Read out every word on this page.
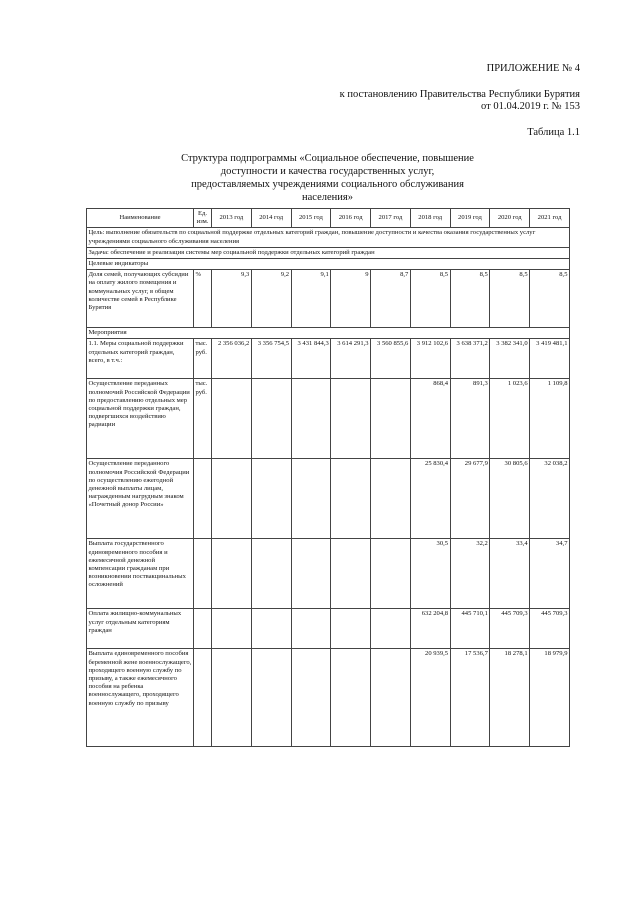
ПРИЛОЖЕНИЕ № 4
к постановлению Правительства Республики Бурятия
от 01.04.2019 г. № 153
Таблица 1.1
Структура подпрограммы «Социальное обеспечение, повышение
доступности и качества государственных услуг,
предоставляемых учреждениями социального обслуживания
населения»
Наименование	Ед. изм.	2013 год	2014 год	2015 год	2016 год	2017 год	2018 год	2019 год	2020 год	2021 год
Цель: выполнение обязательств по социальной поддержке отдельных категорий граждан, повышение доступности и качества оказания государственных услуг учреждениями социального обслуживания населения										
Задача: обеспечение и реализация системы мер социальной поддержки отдельных категорий граждан										
Целевые индикаторы										
Доля семей, получающих субсидии на оплату жилого помещения и коммунальных услуг, в общем количестве семей в Республике Бурятия	%	9,3	9,2	9,1	9	8,7	8,5	8,5	8,5	8,5
Мероприятия										
1.1. Меры социальной поддержки отдельных категорий граждан, всего, в т.ч.:	тыс. руб.	2 356 036,2	3 356 754,5	3 431 844,3	3 614 291,3	3 560 855,6	3 912 102,6	3 638 371,2	3 382 341,0	3 419 481,1
Осуществление переданных полномочий Российской Федерации по предоставлению отдельных мер социальной поддержки граждан, подвергшихся воздействию радиации	тыс. руб.						868,4	891,3	1 023,6	1 109,8
Осуществление переданного полномочия Российской Федерации по осуществлению ежегодной денежной выплаты лицам, награжденным нагрудным знаком «Почетный донор России»							25 830,4	29 677,9	30 805,6	32 038,2
Выплата государственного единовременного пособия и ежемесячной денежной компенсации гражданам при возникновении поствакцинальных осложнений							30,5	32,2	33,4	34,7
Оплата жилищно-коммунальных услуг отдельным категориям граждан							632 204,8	445 710,1	445 709,3	445 709,3
Выплата единовременного пособия беременной жене военнослужащего, проходящего военную службу по призыву, а также ежемесячного пособия на ребенка военнослужащего, проходящего военную службу по призыву							20 939,5	17 536,7	18 278,1	18 979,9
